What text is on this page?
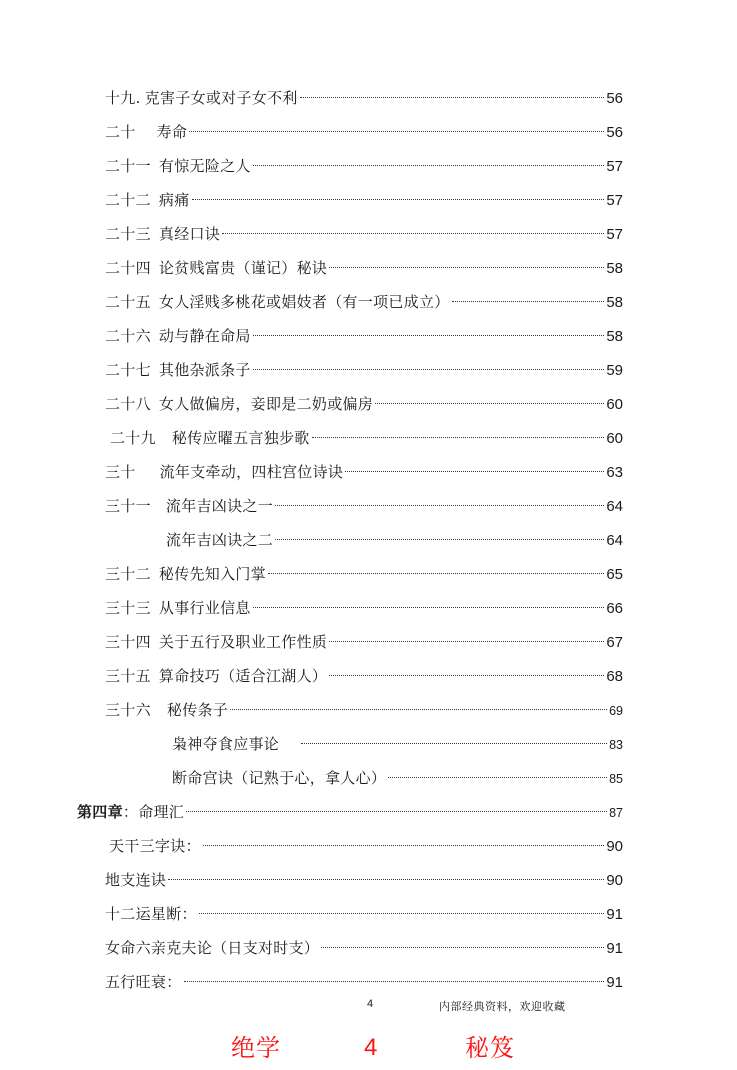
十九. 克害子女或对子女不利	56
二十 寿命	56
二十一 有惊无险之人	57
二十二 病痛	57
二十三 真经口诀	57
二十四 论贫贱富贵（谨记）秘诀	58
二十五 女人淫贱多桃花或娼妓者（有一项已成立）	58
二十六 动与静在命局	58
二十七 其他杂派条子	59
二十八 女人做偏房，妾即是二奶或偏房	60
二十九 秘传应曜五言独步歌	60
三十 流年支牵动，四柱宫位诗诀	63
三十一 流年吉凶诀之一	64
流年吉凶诀之二	64
三十二 秘传先知入门掌	65
三十三 从事行业信息	66
三十四 关于五行及职业工作性质	67
三十五 算命技巧（适合江湖人）	68
三十六 秘传条子	69
枭神夺食应事论	83
断命宫诀（记熟于心，拿人心）	85
第四章：命理汇	87
天干三字诀：	90
地支连诀	90
十二运星断：	91
女命六亲克夫论（日支对时支）	91
五行旺衰：	91
4	内部经典资料，欢迎收藏
绝学	4	秘笈
